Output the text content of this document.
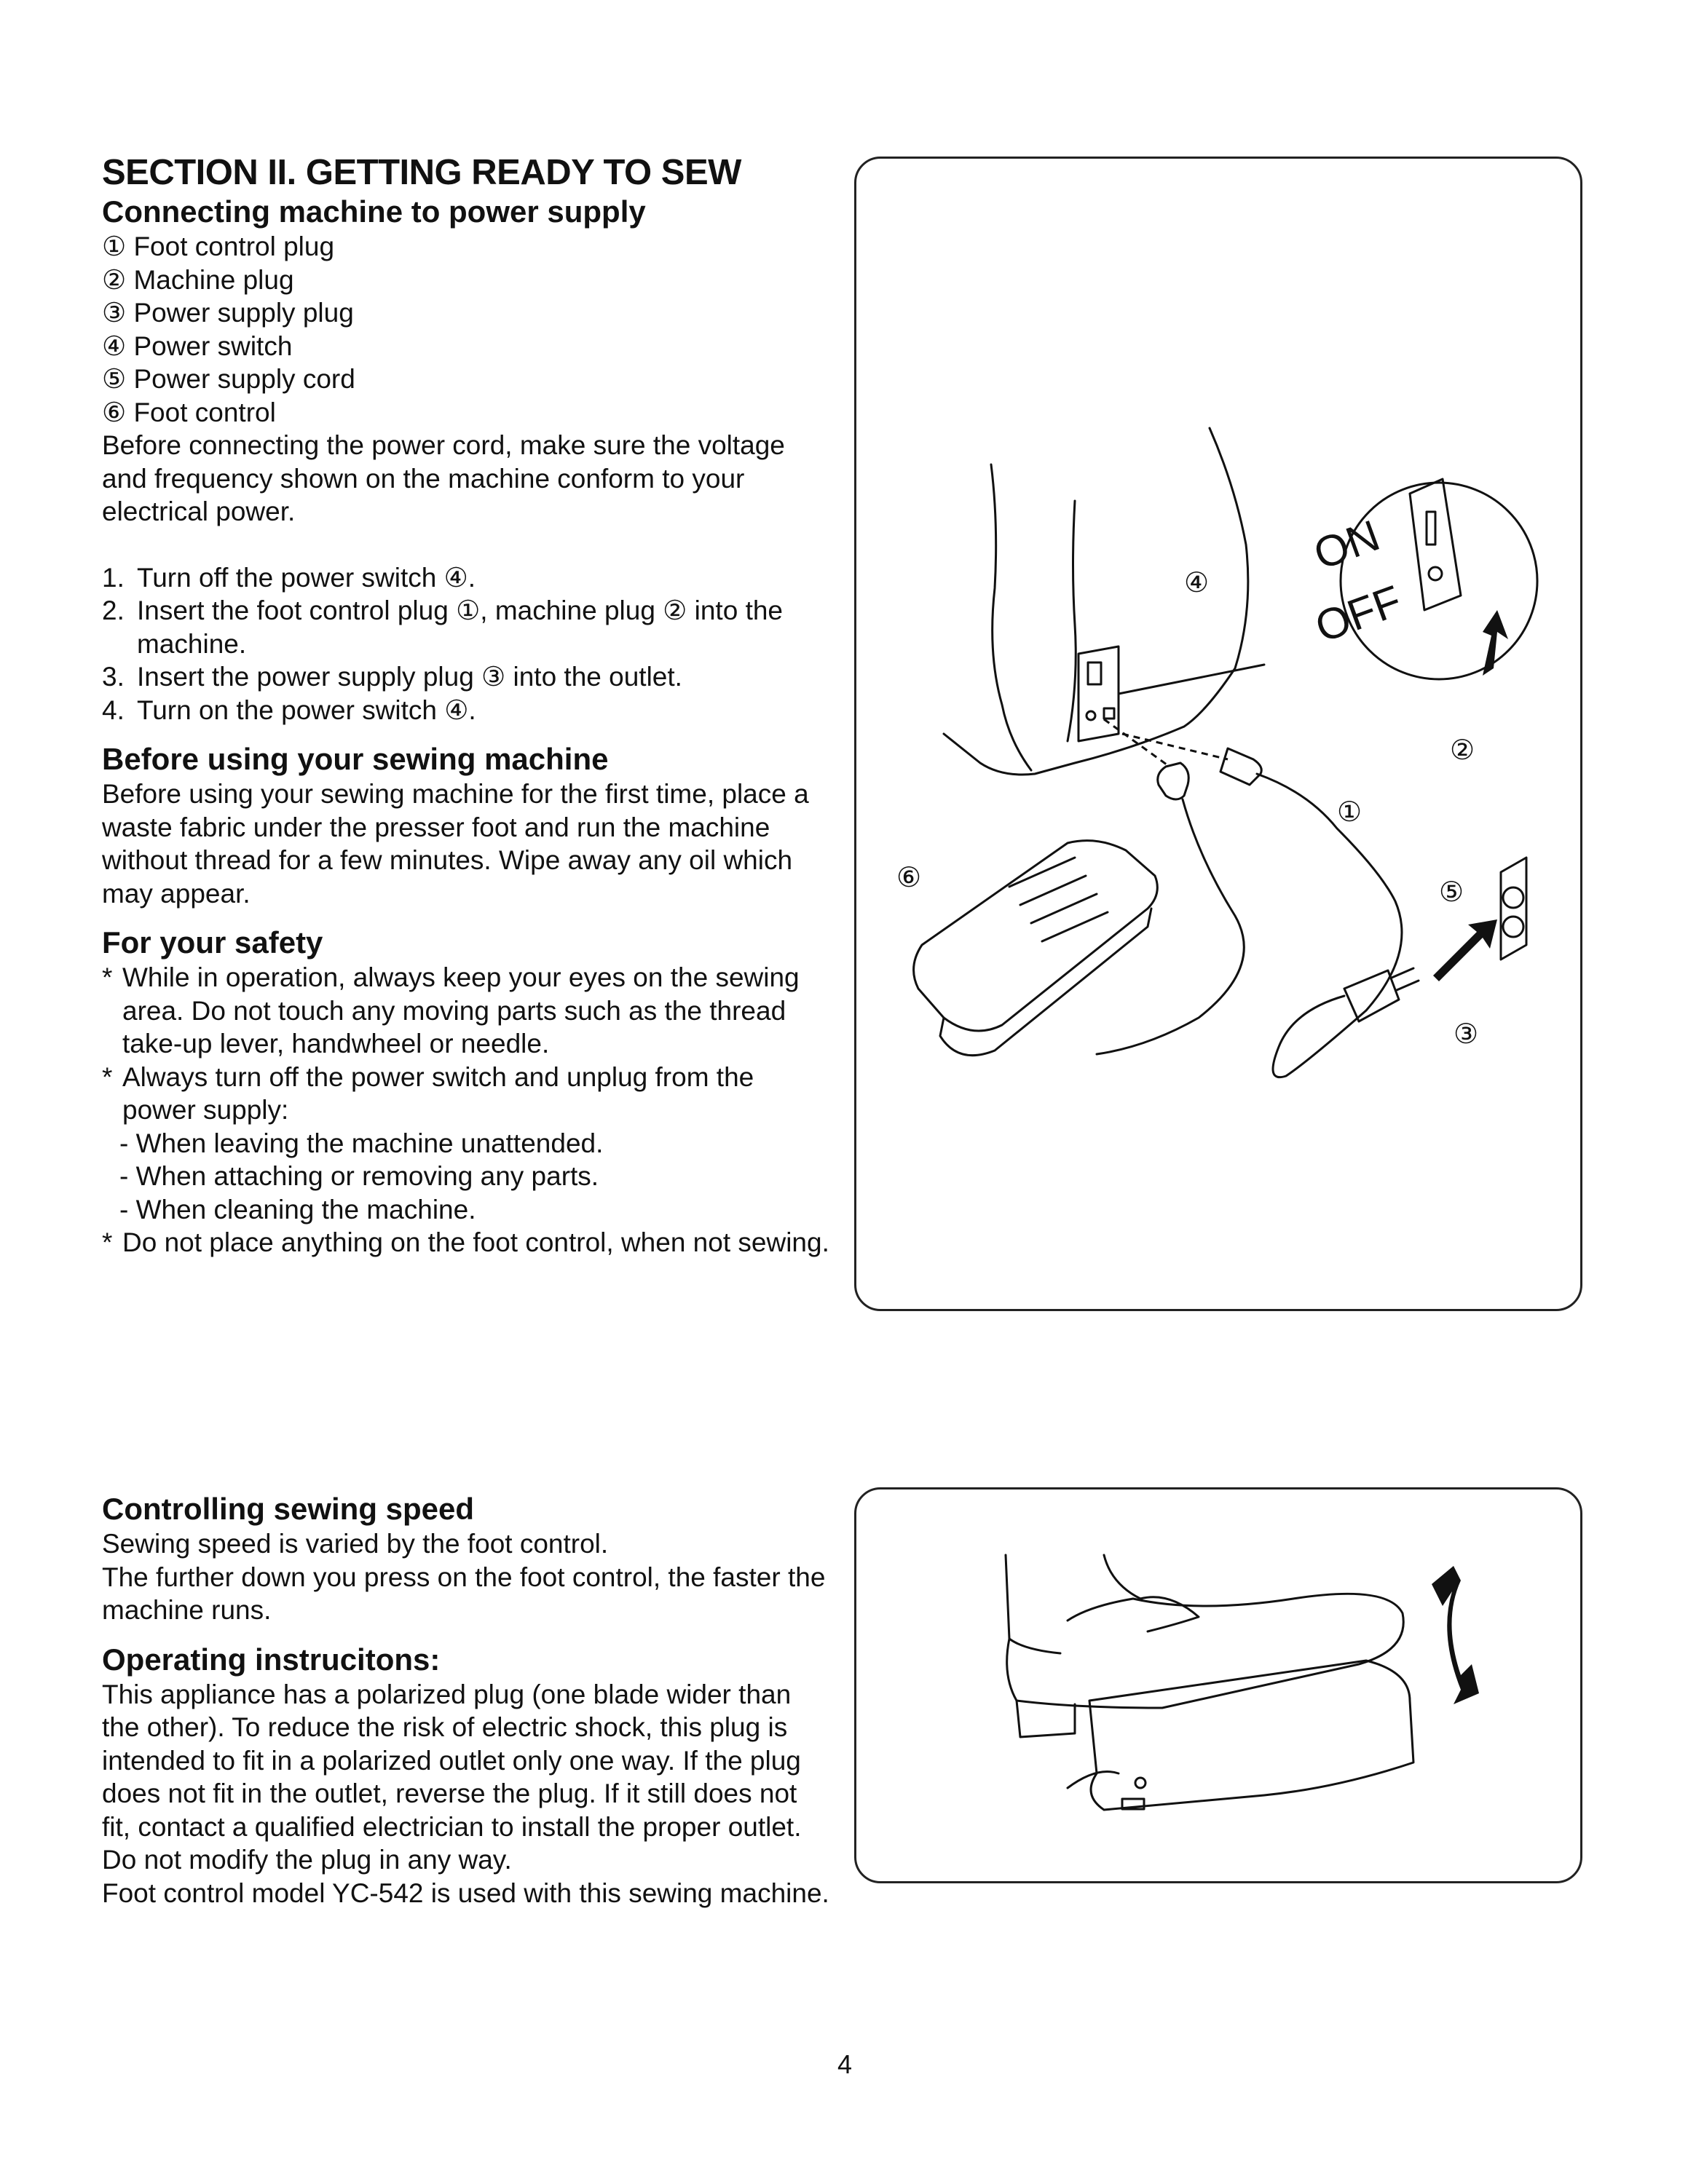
SECTION II. GETTING READY TO SEW
Connecting machine to power supply

① Foot control plug

② Machine plug

③ Power supply plug

④ Power switch

⑤ Power supply cord

⑥ Foot control

Before connecting the power cord, make sure the voltage and frequency shown on the machine conform to your electrical power.

1. Turn off the power switch ④.
2. Insert the foot control plug ①, machine plug ② into the machine.
3. Insert the power supply plug ③ into the outlet.
4. Turn on the power switch ④.
Before using your sewing machine

Before using your sewing machine for the first time, place a waste fabric under the presser foot and run the machine without thread for a few minutes. Wipe away any oil which may appear.

For your safety
* While in operation, always keep your eyes on the sewing area. Do not touch any moving parts such as the thread take-up lever, handwheel or needle.
* Always turn off the power switch and unplug from the power supply:

- When leaving the machine unattended.

- When attaching or removing any parts.

- When cleaning the machine.

* Do not place anything on the foot control, when not sewing.
Controlling sewing speed

Sewing speed is varied by the foot control.

The further down you press on the foot control, the faster the machine runs.

Operating instrucitons:

This appliance has a polarized plug (one blade wider than the other). To reduce the risk of electric shock, this plug is intended to fit in a polarized outlet only one way. If the plug does not fit in the outlet, reverse the plug. If it still does not fit, contact a qualified electrician to install the proper outlet. Do not modify the plug in any way.

Foot control model YC-542 is used with this sewing machine.

ON
OFF
②
①
⑤
③
④
⑥
4
